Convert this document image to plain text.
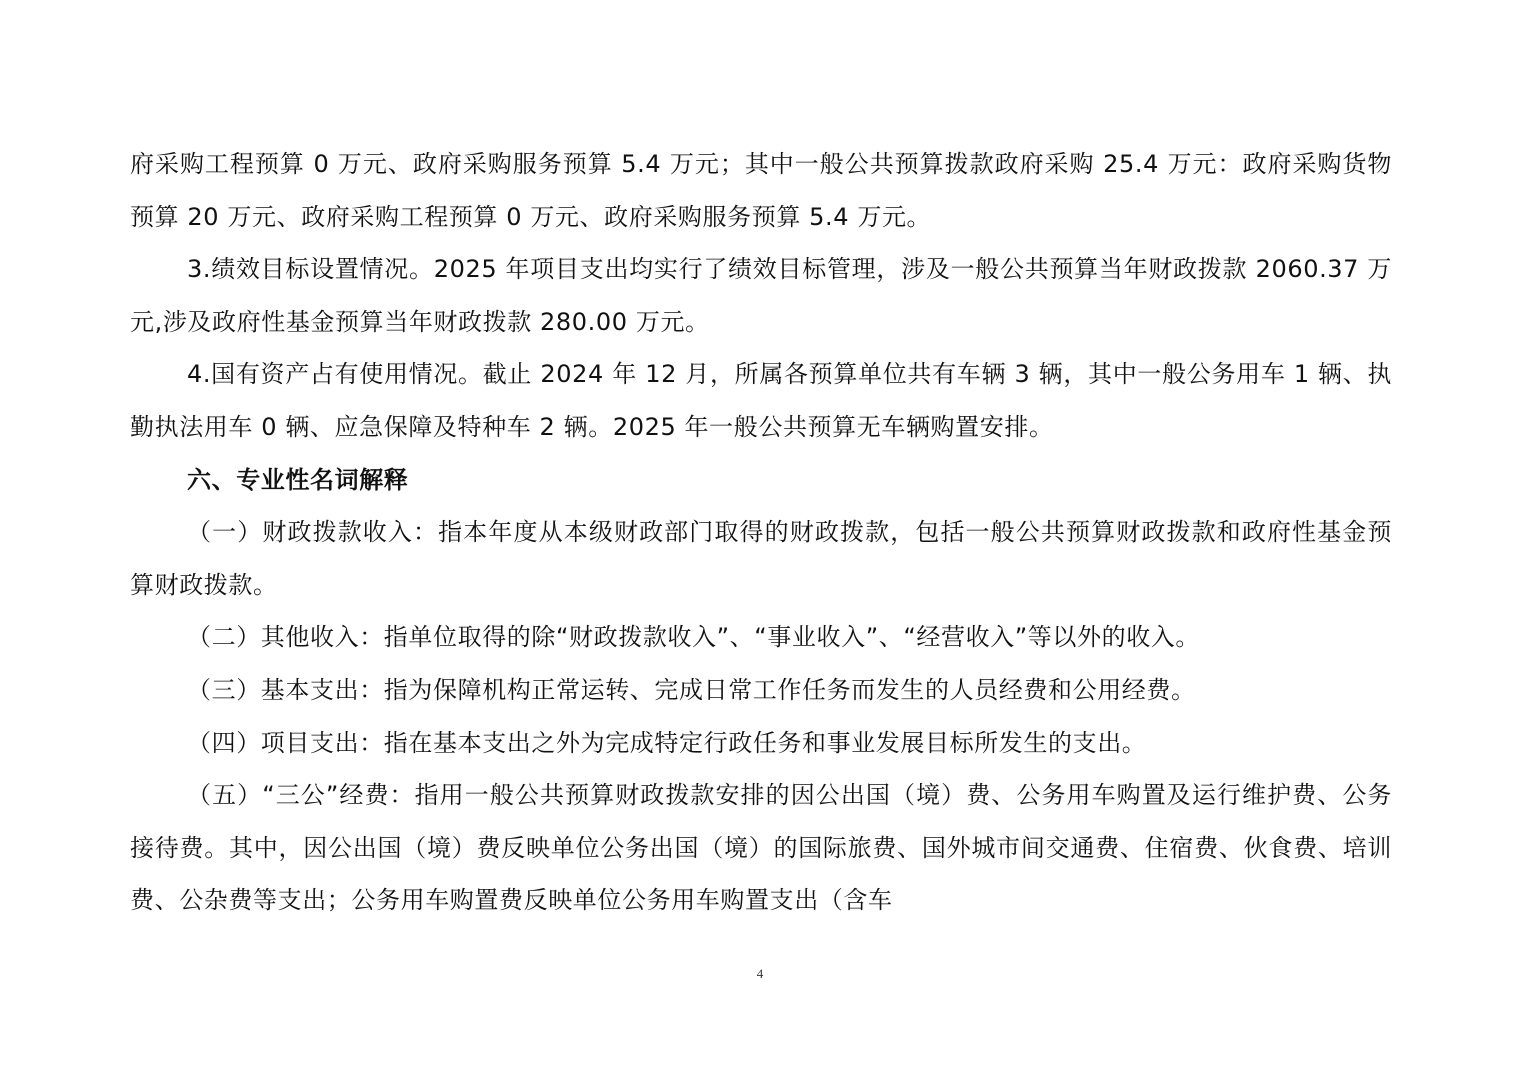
府采购工程预算 0 万元、政府采购服务预算 5.4 万元；其中一般公共预算拨款政府采购 25.4 万元：政府采购货物预算 20 万元、政府采购工程预算 0 万元、政府采购服务预算 5.4 万元。

3.绩效目标设置情况。2025 年项目支出均实行了绩效目标管理，涉及一般公共预算当年财政拨款 2060.37 万元,涉及政府性基金预算当年财政拨款 280.00 万元。

4.国有资产占有使用情况。截止 2024 年 12 月，所属各预算单位共有车辆 3 辆，其中一般公务用车 1 辆、执勤执法用车 0 辆、应急保障及特种车 2 辆。2025 年一般公共预算无车辆购置安排。

六、专业性名词解释

（一）财政拨款收入：指本年度从本级财政部门取得的财政拨款，包括一般公共预算财政拨款和政府性基金预算财政拨款。

（二）其他收入：指单位取得的除“财政拨款收入”、“事业收入”、“经营收入”等以外的收入。

（三）基本支出：指为保障机构正常运转、完成日常工作任务而发生的人员经费和公用经费。

（四）项目支出：指在基本支出之外为完成特定行政任务和事业发展目标所发生的支出。

（五）“三公”经费：指用一般公共预算财政拨款安排的因公出国（境）费、公务用车购置及运行维护费、公务接待费。其中，因公出国（境）费反映单位公务出国（境）的国际旅费、国外城市间交通费、住宿费、伙食费、培训费、公杂费等支出；公务用车购置费反映单位公务用车购置支出（含车

4
